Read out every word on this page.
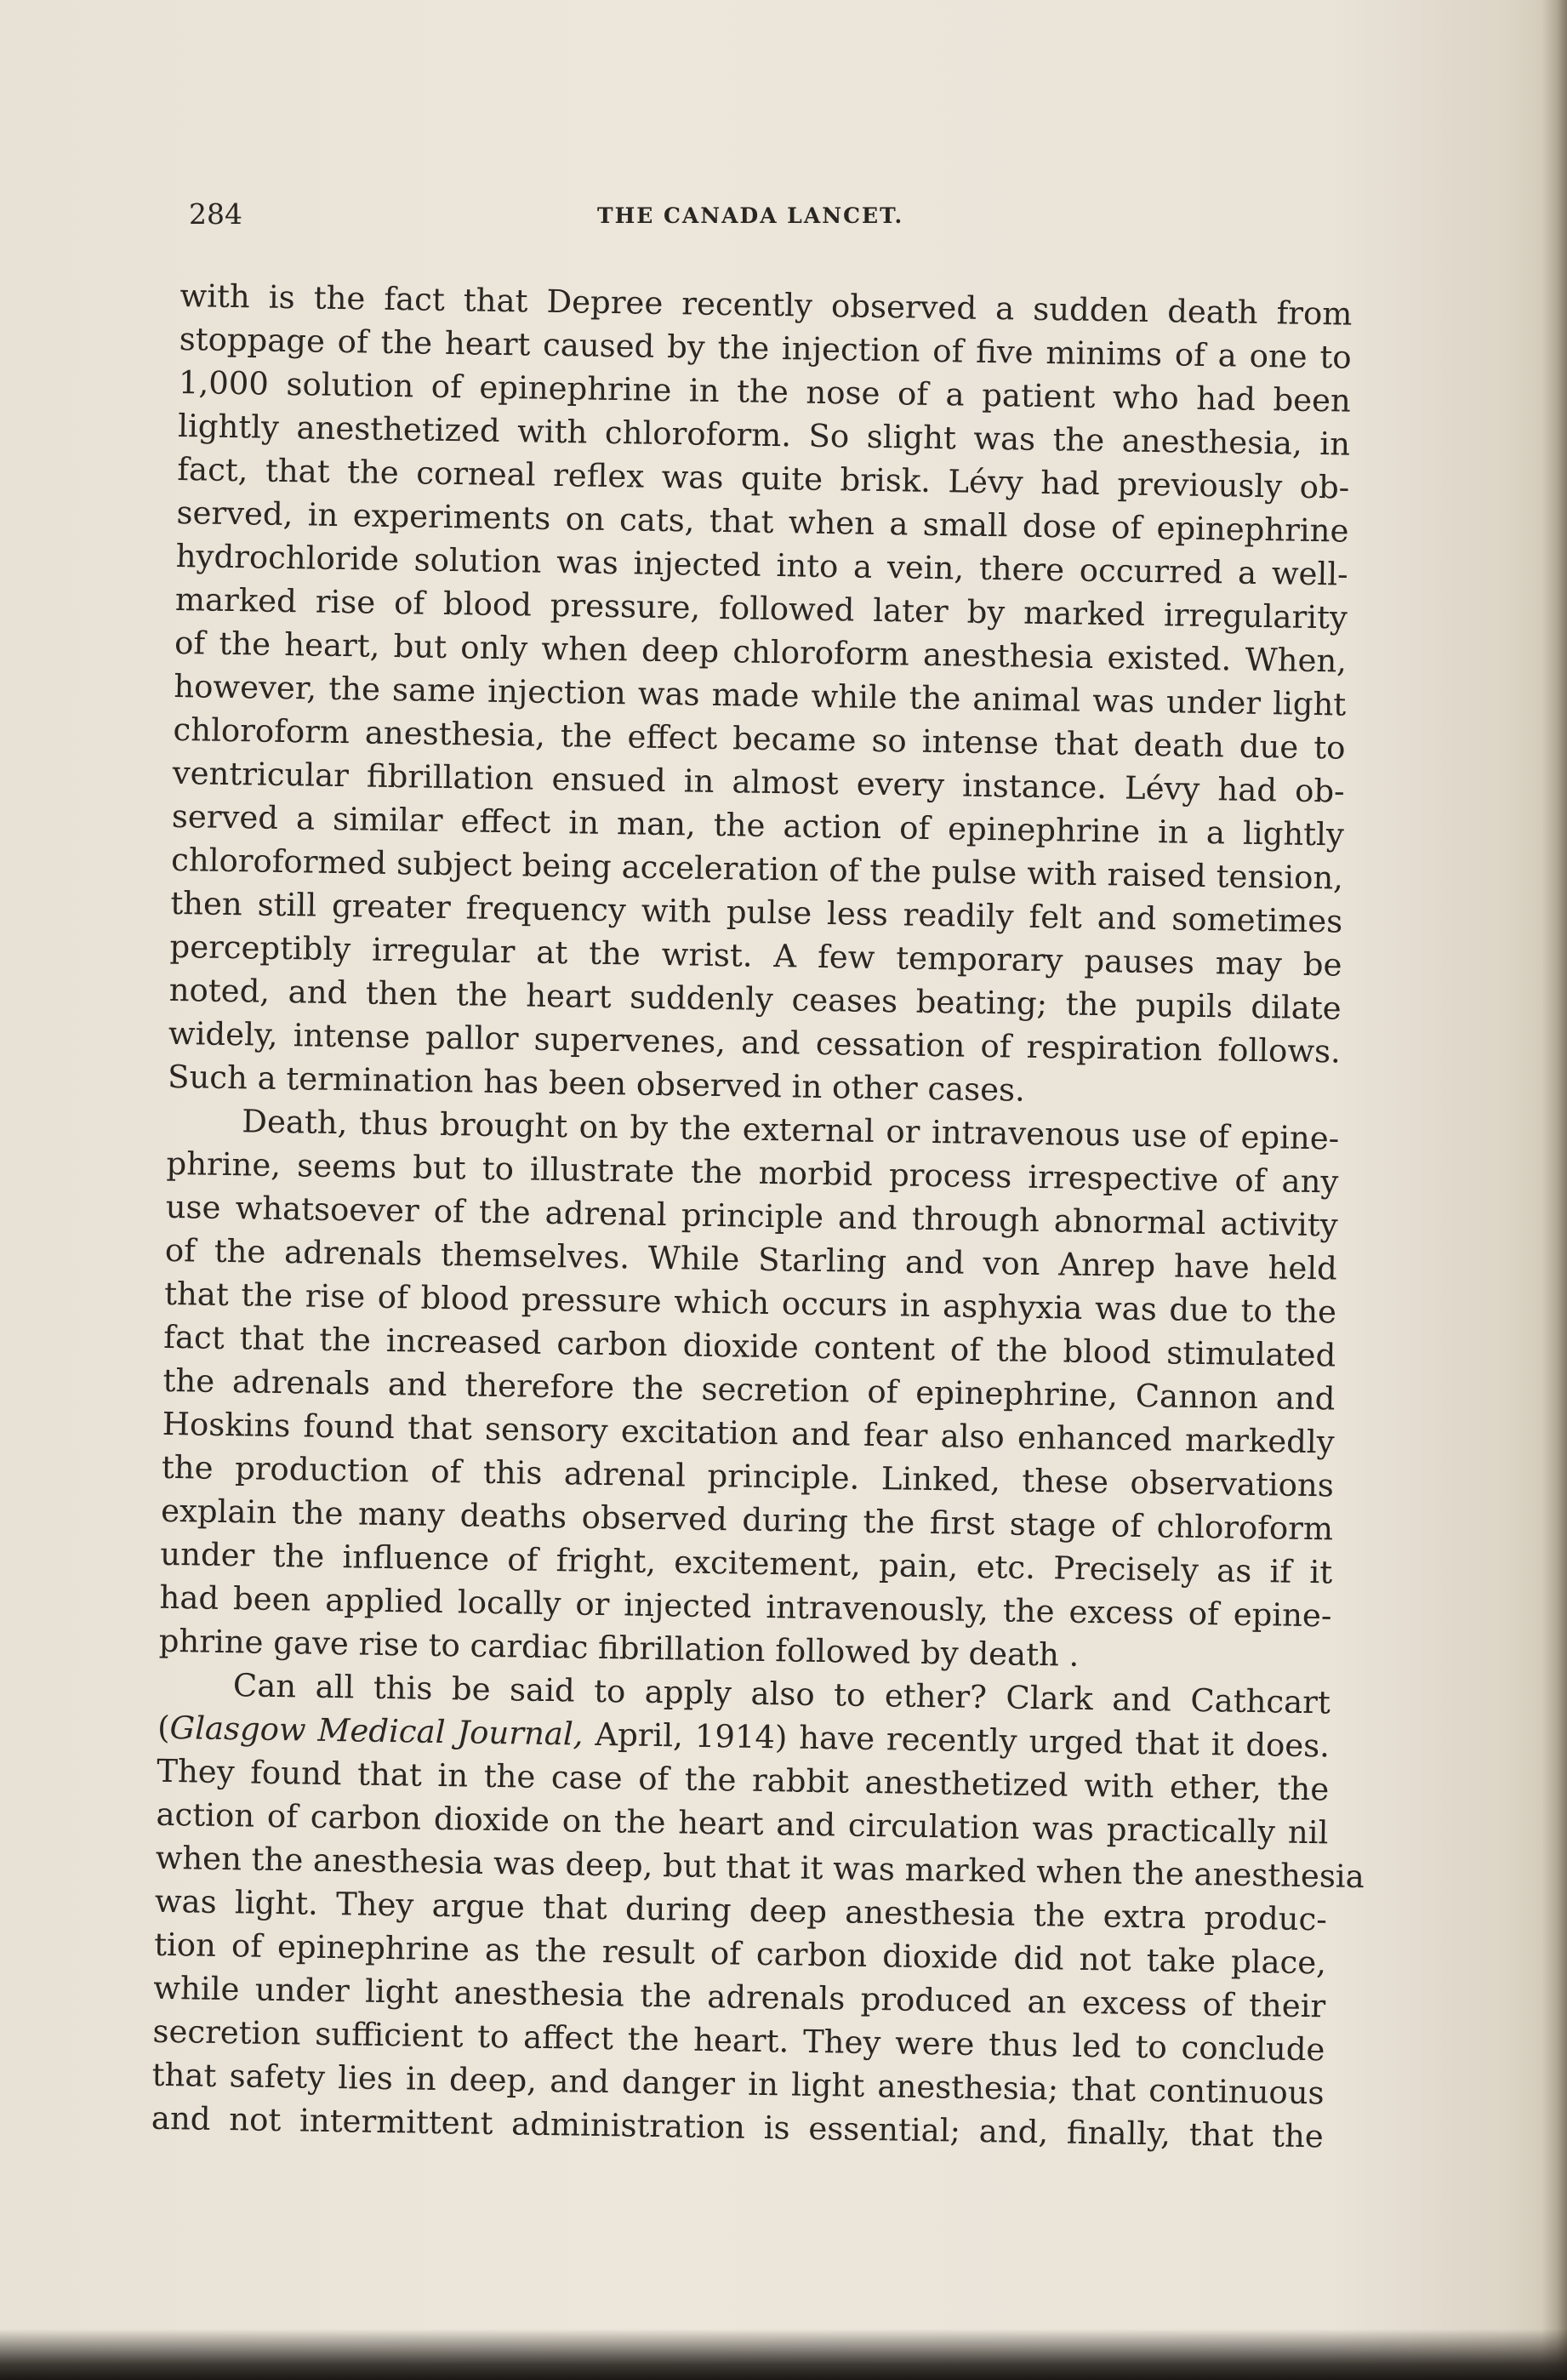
284	THE CANADA LANCET.
with is the fact that Depree recently observed a sudden death from
stoppage of the heart caused by the injection of five minims of a one to
1,000 solution of epinephrine in the nose of a patient who had been
lightly anesthetized with chloroform. So slight was the anesthesia, in
fact, that the corneal reflex was quite brisk. Lévy had previously ob-
served, in experiments on cats, that when a small dose of epinephrine
hydrochloride solution was injected into a vein, there occurred a well-
marked rise of blood pressure, followed later by marked irregularity
of the heart, but only when deep chloroform anesthesia existed. When,
however, the same injection was made while the animal was under light
chloroform anesthesia, the effect became so intense that death due to
ventricular fibrillation ensued in almost every instance. Lévy had ob-
served a similar effect in man, the action of epinephrine in a lightly
chloroformed subject being acceleration of the pulse with raised tension,
then still greater frequency with pulse less readily felt and sometimes
perceptibly irregular at the wrist. A few temporary pauses may be
noted, and then the heart suddenly ceases beating; the pupils dilate
widely, intense pallor supervenes, and cessation of respiration follows.
Such a termination has been observed in other cases.
Death, thus brought on by the external or intravenous use of epine-
phrine, seems but to illustrate the morbid process irrespective of any
use whatsoever of the adrenal principle and through abnormal activity
of the adrenals themselves. While Starling and von Anrep have held
that the rise of blood pressure which occurs in asphyxia was due to the
fact that the increased carbon dioxide content of the blood stimulated
the adrenals and therefore the secretion of epinephrine, Cannon and
Hoskins found that sensory excitation and fear also enhanced markedly
the production of this adrenal principle. Linked, these observations
explain the many deaths observed during the first stage of chloroform
under the influence of fright, excitement, pain, etc. Precisely as if it
had been applied locally or injected intravenously, the excess of epine-
phrine gave rise to cardiac fibrillation followed by death .
Can all this be said to apply also to ether? Clark and Cathcart
(Glasgow Medical Journal, April, 1914) have recently urged that it does.
They found that in the case of the rabbit anesthetized with ether, the
action of carbon dioxide on the heart and circulation was practically nil
when the anesthesia was deep, but that it was marked when the anesthesia
was light. They argue that during deep anesthesia the extra produc-
tion of epinephrine as the result of carbon dioxide did not take place,
while under light anesthesia the adrenals produced an excess of their
secretion sufficient to affect the heart. They were thus led to conclude
that safety lies in deep, and danger in light anesthesia; that continuous
and not intermittent administration is essential; and, finally, that the
